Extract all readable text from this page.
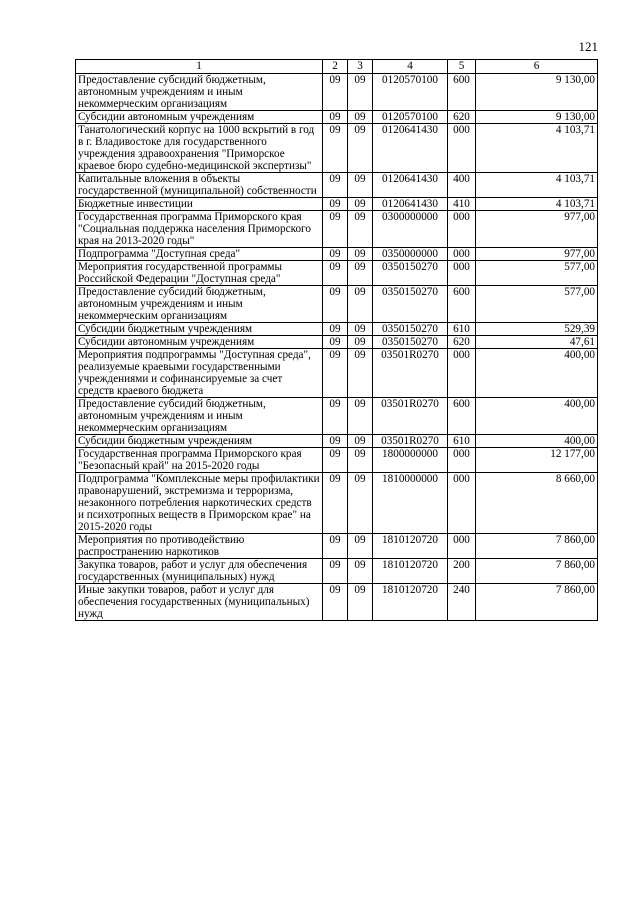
121
1	2	3	4	5	6
Предоставление субсидий бюджетным, автономным учреждениям и иным некоммерческим организациям	09	09	0120570100	600	9 130,00
Субсидии автономным учреждениям	09	09	0120570100	620	9 130,00
Танатологический корпус на 1000 вскрытий в год в г. Владивостоке для государственного учреждения здравоохранения "Приморское краевое бюро судебно-медицинской экспертизы"	09	09	0120641430	000	4 103,71
Капитальные вложения в объекты государственной (муниципальной) собственности	09	09	0120641430	400	4 103,71
Бюджетные инвестиции	09	09	0120641430	410	4 103,71
Государственная программа Приморского края "Социальная поддержка населения Приморского края на 2013-2020 годы"	09	09	0300000000	000	977,00
Подпрограмма "Доступная среда"	09	09	0350000000	000	977,00
Мероприятия государственной программы Российской Федерации "Доступная среда"	09	09	0350150270	000	577,00
Предоставление субсидий бюджетным, автономным учреждениям и иным некоммерческим организациям	09	09	0350150270	600	577,00
Субсидии бюджетным учреждениям	09	09	0350150270	610	529,39
Субсидии автономным учреждениям	09	09	0350150270	620	47,61
Мероприятия подпрограммы "Доступная среда", реализуемые краевыми государственными учреждениями и софинансируемые за счет средств краевого бюджета	09	09	03501R0270	000	400,00
Предоставление субсидий бюджетным, автономным учреждениям и иным некоммерческим организациям	09	09	03501R0270	600	400,00
Субсидии бюджетным учреждениям	09	09	03501R0270	610	400,00
Государственная программа Приморского края "Безопасный край" на 2015-2020 годы	09	09	1800000000	000	12 177,00
Подпрограмма "Комплексные меры профилактики правонарушений, экстремизма и терроризма, незаконного потребления наркотических средств и психотропных веществ в Приморском крае" на 2015-2020 годы	09	09	1810000000	000	8 660,00
Мероприятия по противодействию распространению наркотиков	09	09	1810120720	000	7 860,00
Закупка товаров, работ и услуг для обеспечения государственных (муниципальных) нужд	09	09	1810120720	200	7 860,00
Иные закупки товаров, работ и услуг для обеспечения государственных (муниципальных) нужд	09	09	1810120720	240	7 860,00
